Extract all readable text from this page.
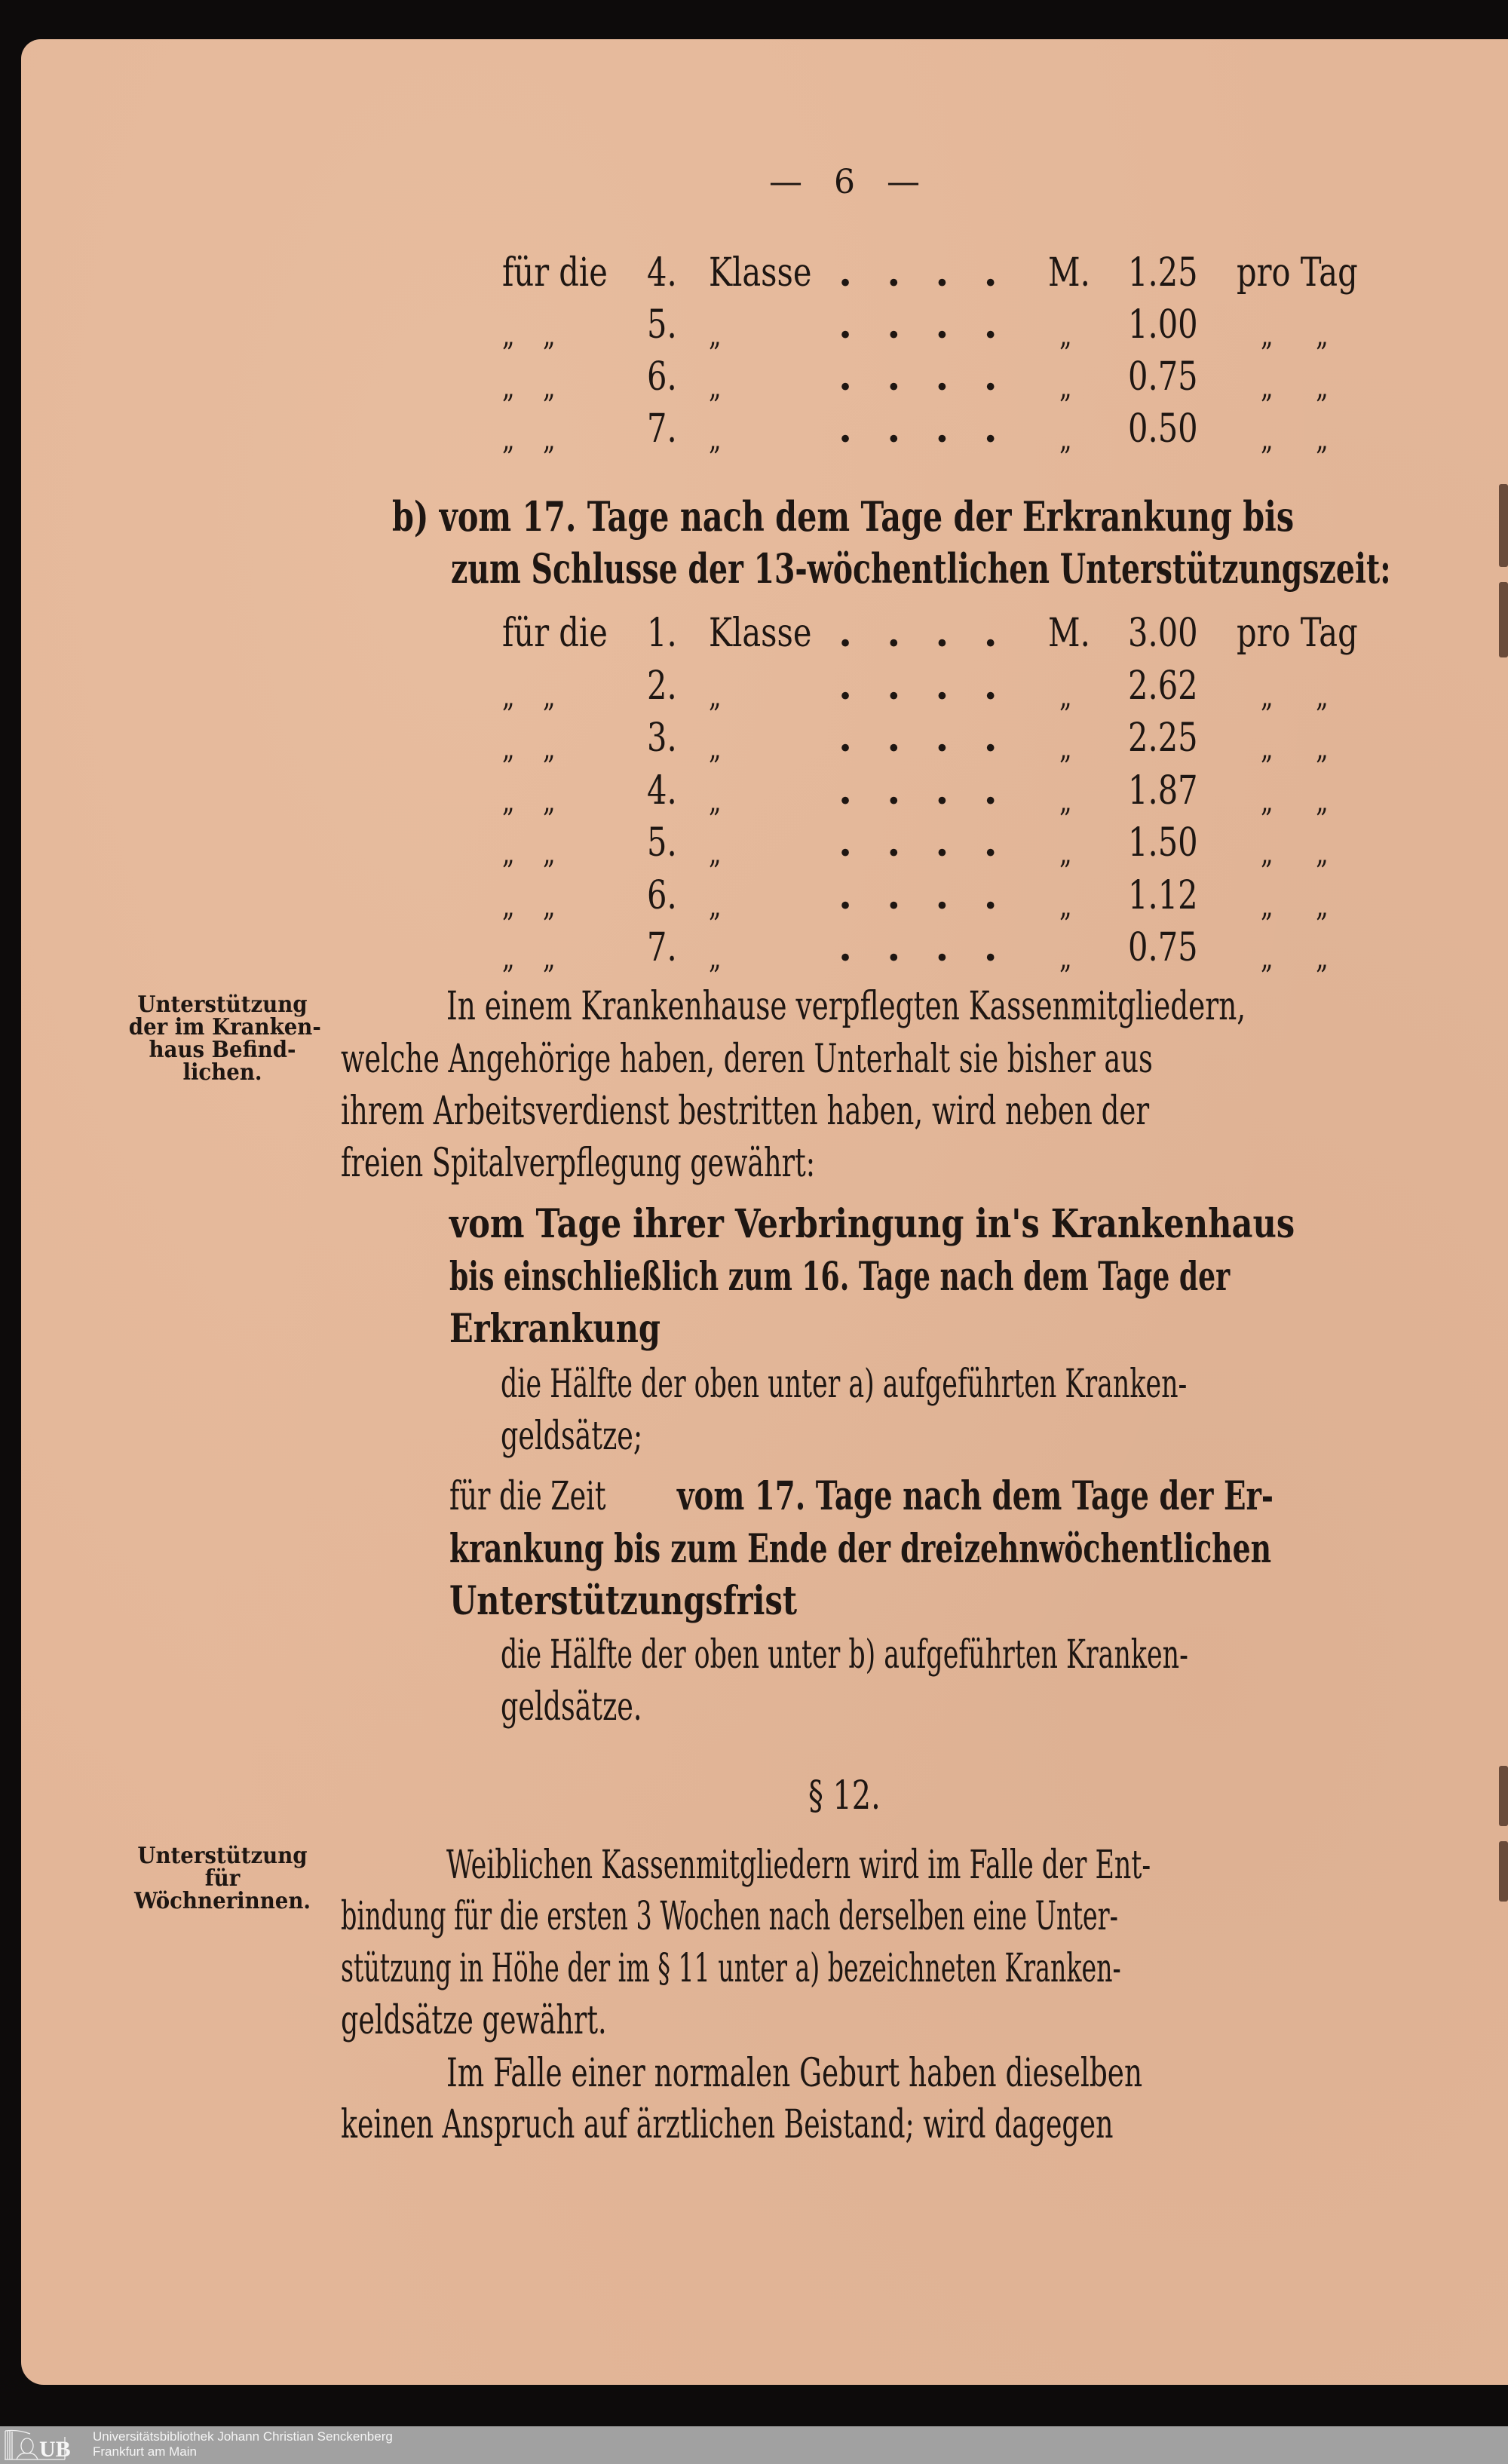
— 6 —
für die 4. Klasse . . . . M. 1.25 pro Tag
„ „ 5. „	. . . . „ 1.00 „ „
„ „ 6. „	. . . . „ 0.75 „ „
„ „ 7. „	. . . . „ 0.50 „ „
b) vom 17. Tage nach dem Tage der Erkrankung bis
zum Schlusse der 13-wöchentlichen Unterstützungszeit:
für die 1. Klasse . . . . M. 3.00 pro Tag
„ „ 2. „	. . . . „ 2.62 „ „
„ „ 3. „	. . . . „ 2.25 „ „
„ „ 4. „	. . . . „ 1.87 „ „
„ „ 5. „	. . . . „ 1.50 „ „
„ „ 6. „	. . . . „ 1.12 „ „
„ „ 7. „	. . . . „ 0.75 „ „
Unterstützung
der im Kranken-
haus Befind-
lichen.
In einem Krankenhause verpflegten Kassenmitgliedern,
welche Angehörige haben, deren Unterhalt sie bisher aus
ihrem Arbeitsverdienst bestritten haben, wird neben der
freien Spitalverpflegung gewährt:
vom Tage ihrer Verbringung in's Krankenhaus
bis einschließlich zum 16. Tage nach dem Tage der
Erkrankung
die Hälfte der oben unter a) aufgeführten Kranken-
geldsätze;
für die Zeit vom 17. Tage nach dem Tage der Er-
krankung bis zum Ende der dreizehnwöchentlichen
Unterstützungsfrist
die Hälfte der oben unter b) aufgeführten Kranken-
geldsätze.
§ 12.
Unterstützung
für
Wöchnerinnen.
Weiblichen Kassenmitgliedern wird im Falle der Ent-
bindung für die ersten 3 Wochen nach derselben eine Unter-
stützung in Höhe der im § 11 unter a) bezeichneten Kranken-
geldsätze gewährt.
Im Falle einer normalen Geburt haben dieselben
keinen Anspruch auf ärztlichen Beistand; wird dagegen
UB
Universitätsbibliothek Johann Christian Senckenberg
Frankfurt am Main
